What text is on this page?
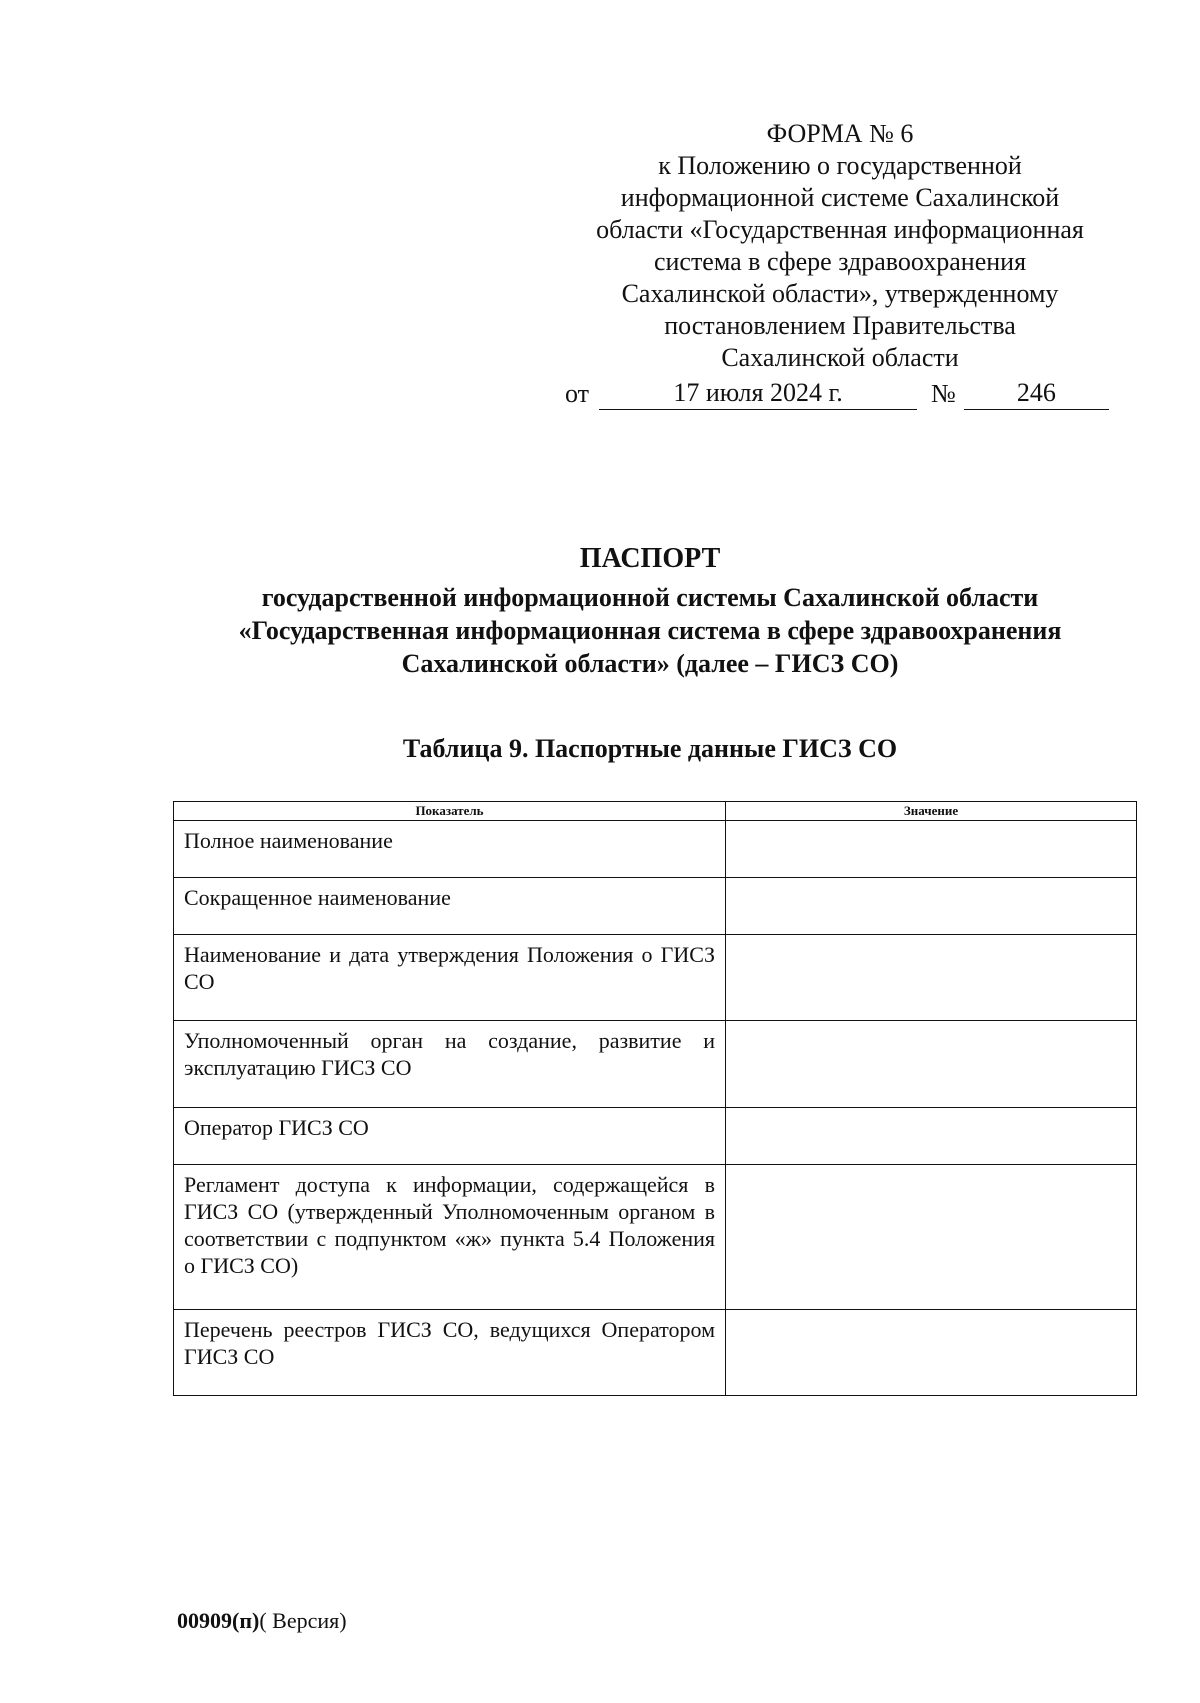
ФОРМА № 6
к Положению о государственной
информационной системе Сахалинской
области «Государственная информационная
система в сфере здравоохранения
Сахалинской области», утвержденному
постановлением Правительства
Сахалинской области
от	17 июля 2024 г.	№ 246
ПАСПОРТ
государственной информационной системы Сахалинской области
«Государственная информационная система в сфере здравоохранения
Сахалинской области» (далее – ГИСЗ СО)
Таблица 9. Паспортные данные ГИСЗ СО
Показатель	Значение
Полное наименование	
Сокращенное наименование	
Наименование и дата утверждения Положения о ГИСЗ СО	
Уполномоченный орган на создание, развитие и эксплуатацию ГИСЗ СО	
Оператор ГИСЗ СО	
Регламент доступа к информации, содержащейся в ГИСЗ СО (утвержденный Уполномоченным органом в соответствии с подпунктом «ж» пункта 5.4 Положения о ГИСЗ СО)	
Перечень реестров ГИСЗ СО, ведущихся Оператором ГИСЗ СО	
00909(п)( Версия)
